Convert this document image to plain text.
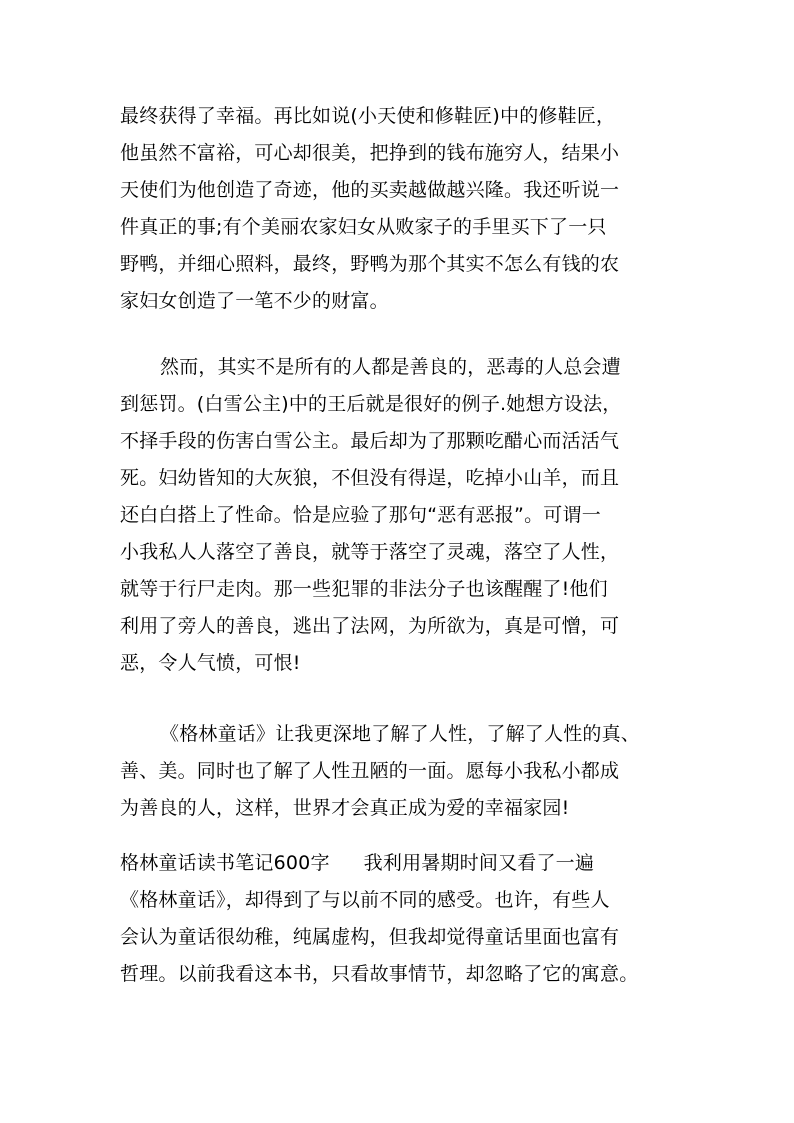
最终获得了幸福。再比如说(小天使和修鞋匠)中的修鞋匠，
他虽然不富裕，可心却很美，把挣到的钱布施穷人，结果小
天使们为他创造了奇迹，他的买卖越做越兴隆。我还听说一
件真正的事;有个美丽农家妇女从败家子的手里买下了一只
野鸭，并细心照料，最终，野鸭为那个其实不怎么有钱的农
家妇女创造了一笔不少的财富。
然而，其实不是所有的人都是善良的，恶毒的人总会遭
到惩罚。(白雪公主)中的王后就是很好的例子.她想方设法，
不择手段的伤害白雪公主。最后却为了那颗吃醋心而活活气
死。妇幼皆知的大灰狼，不但没有得逞，吃掉小山羊，而且
还白白搭上了性命。恰是应验了那句“恶有恶报”。可谓一
小我私人人落空了善良，就等于落空了灵魂，落空了人性，
就等于行尸走肉。那一些犯罪的非法分子也该醒醒了!他们
利用了旁人的善良，逃出了法网，为所欲为，真是可憎，可
恶，令人气愤，可恨!
《格林童话》让我更深地了解了人性，了解了人性的真、
善、美。同时也了解了人性丑陋的一面。愿每小我私小都成
为善良的人，这样，世界才会真正成为爱的幸福家园!
格林童话读书笔记600字 我利用暑期时间又看了一遍
《格林童话》，却得到了与以前不同的感受。也许，有些人
会认为童话很幼稚，纯属虚构，但我却觉得童话里面也富有
哲理。以前我看这本书，只看故事情节，却忽略了它的寓意。
